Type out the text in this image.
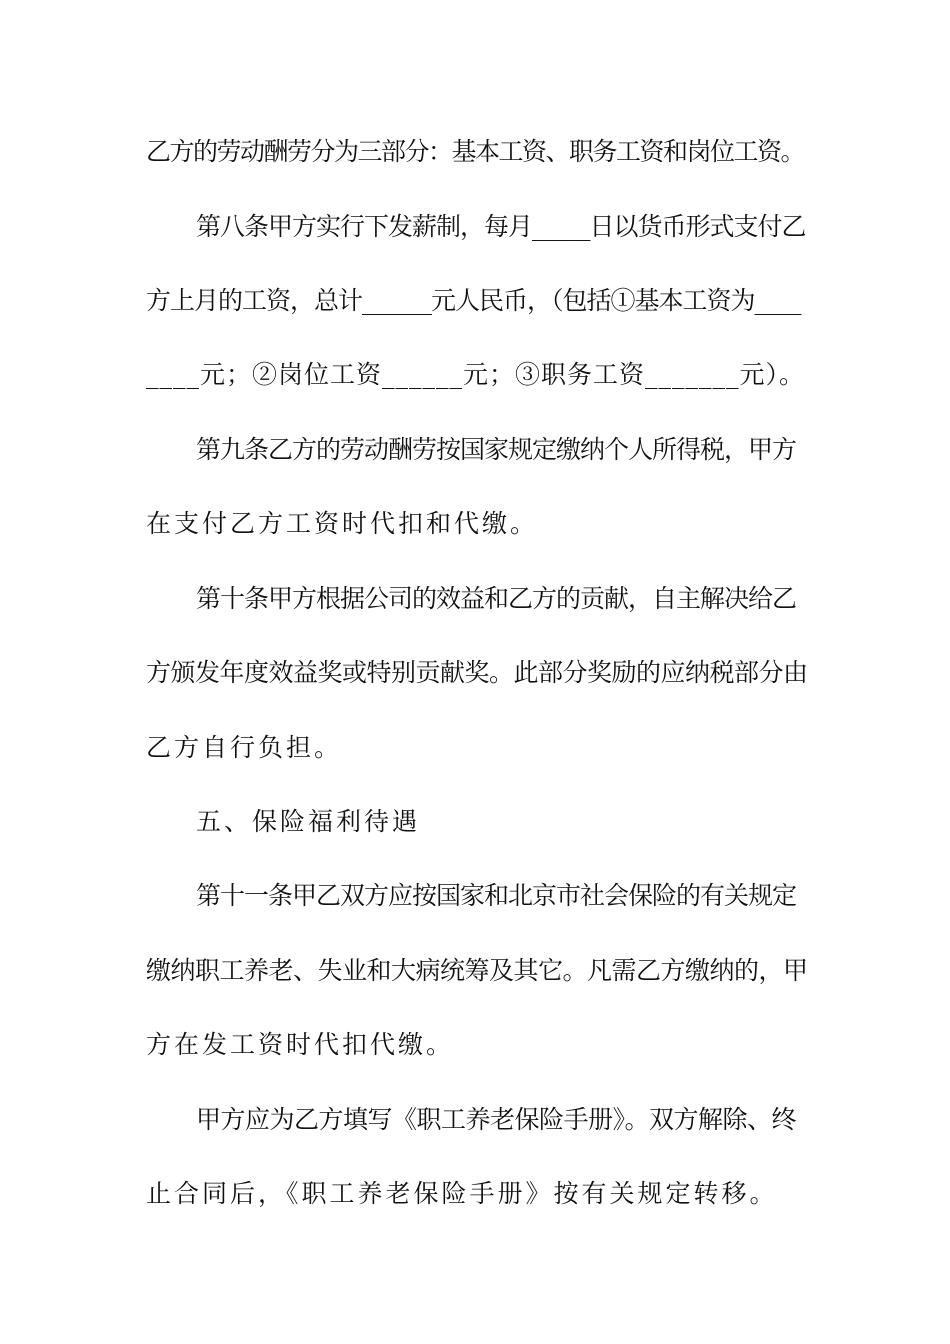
乙方的劳动酬劳分为三部分：基本工资、职务工资和岗位工资。
第八条甲方实行下发薪制，每月_____日以货币形式支付乙
方上月的工资，总计______元人民币，（包括①基本工资为____
____元；②岗位工资______元；③职务工资_______元）。
第九条乙方的劳动酬劳按国家规定缴纳个人所得税，甲方
在支付乙方工资时代扣和代缴。
第十条甲方根据公司的效益和乙方的贡献，自主解决给乙
方颁发年度效益奖或特别贡献奖。此部分奖励的应纳税部分由
乙方自行负担。
五、保险福利待遇
第十一条甲乙双方应按国家和北京市社会保险的有关规定
缴纳职工养老、失业和大病统筹及其它。凡需乙方缴纳的，甲
方在发工资时代扣代缴。
甲方应为乙方填写《职工养老保险手册》。双方解除、终
止合同后，《职工养老保险手册》按有关规定转移。
